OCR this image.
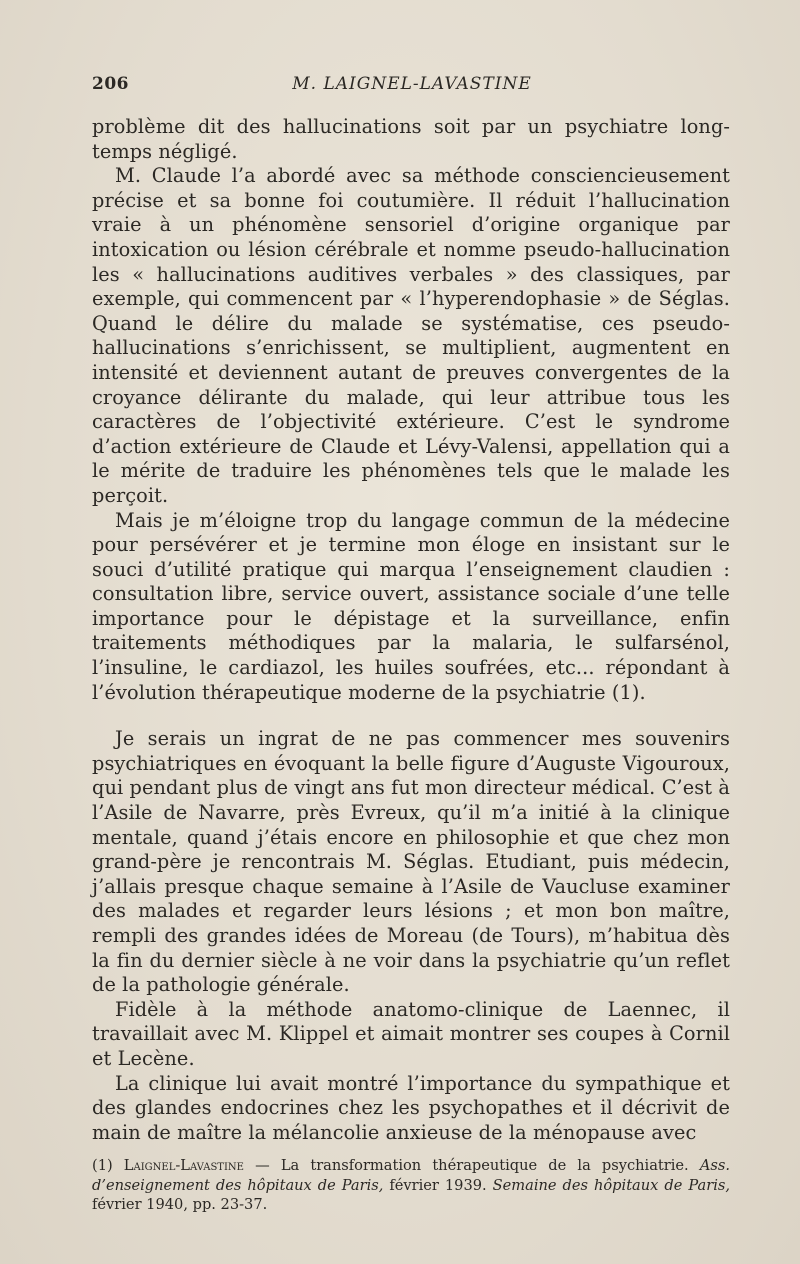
206	M. LAIGNEL-LAVASTINE

problème dit des hallucinations soit par un psychiatre long-temps négligé.

M. Claude l’a abordé avec sa méthode consciencieusement précise et sa bonne foi coutumière. Il réduit l’hallucination vraie à un phénomène sensoriel d’origine organique par intoxication ou lésion cérébrale et nomme pseudo-hallucination les « hallucinations auditives verbales » des classiques, par exemple, qui commencent par « l’hyperendophasie » de Séglas. Quand le délire du malade se systématise, ces pseudo-hallucinations s’enrichissent, se multiplient, augmentent en intensité et deviennent autant de preuves convergentes de la croyance délirante du malade, qui leur attribue tous les caractères de l’objectivité extérieure. C’est le syndrome d’action extérieure de Claude et Lévy-Valensi, appellation qui a le mérite de traduire les phénomènes tels que le malade les perçoit.

Mais je m’éloigne trop du langage commun de la médecine pour persévérer et je termine mon éloge en insistant sur le souci d’utilité pratique qui marqua l’enseignement claudien : consultation libre, service ouvert, assistance sociale d’une telle importance pour le dépistage et la surveillance, enfin traitements méthodiques par la malaria, le sulfarsénol, l’insuline, le cardiazol, les huiles soufrées, etc... répondant à l’évolution thérapeutique moderne de la psychiatrie (1).

Je serais un ingrat de ne pas commencer mes souvenirs psychiatriques en évoquant la belle figure d’Auguste Vigouroux, qui pendant plus de vingt ans fut mon directeur médical. C’est à l’Asile de Navarre, près Evreux, qu’il m’a initié à la clinique mentale, quand j’étais encore en philosophie et que chez mon grand-père je rencontrais M. Séglas. Etudiant, puis médecin, j’allais presque chaque semaine à l’Asile de Vaucluse examiner des malades et regarder leurs lésions ; et mon bon maître, rempli des grandes idées de Moreau (de Tours), m’habitua dès la fin du dernier siècle à ne voir dans la psychiatrie qu’un reflet de la pathologie générale.

Fidèle à la méthode anatomo-clinique de Laennec, il travaillait avec M. Klippel et aimait montrer ses coupes à Cornil et Lecène.

La clinique lui avait montré l’importance du sympathique et des glandes endocrines chez les psychopathes et il décrivit de main de maître la mélancolie anxieuse de la ménopause avec

(1) Laignel-Lavastine — La transformation thérapeutique de la psychiatrie. Ass. d’enseignement des hôpitaux de Paris, février 1939. Semaine des hôpitaux de Paris, février 1940, pp. 23-37.
